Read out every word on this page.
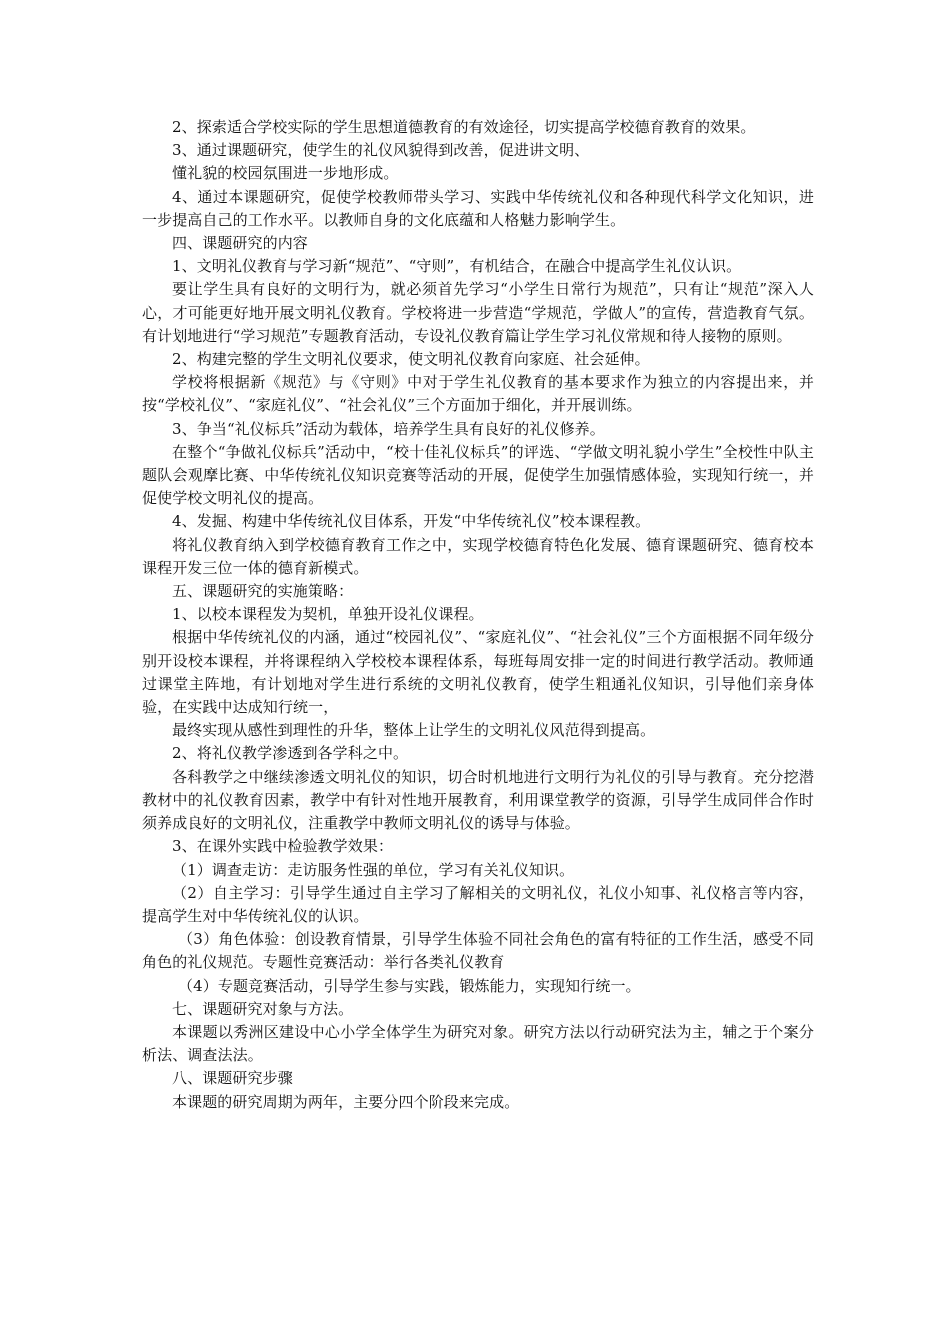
2、探索适合学校实际的学生思想道德教育的有效途径，切实提高学校德育教育的效果。

3、通过课题研究，使学生的礼仪风貌得到改善，促进讲文明、

懂礼貌的校园氛围进一步地形成。

4、通过本课题研究，促使学校教师带头学习、实践中华传统礼仪和各种现代科学文化知识，进一步提高自己的工作水平。以教师自身的文化底蕴和人格魅力影响学生。

四、课题研究的内容

1、文明礼仪教育与学习新“规范”、“守则”，有机结合，在融合中提高学生礼仪认识。

要让学生具有良好的文明行为，就必须首先学习“小学生日常行为规范”，只有让“规范”深入人心，才可能更好地开展文明礼仪教育。学校将进一步营造“学规范，学做人”的宣传，营造教育气氛。有计划地进行“学习规范”专题教育活动，专设礼仪教育篇让学生学习礼仪常规和待人接物的原则。

2、构建完整的学生文明礼仪要求，使文明礼仪教育向家庭、社会延伸。

学校将根据新《规范》与《守则》中对于学生礼仪教育的基本要求作为独立的内容提出来，并按“学校礼仪”、“家庭礼仪”、“社会礼仪”三个方面加于细化，并开展训练。

3、争当“礼仪标兵”活动为载体，培养学生具有良好的礼仪修养。

在整个“争做礼仪标兵”活动中，“校十佳礼仪标兵”的评选、“学做文明礼貌小学生”全校性中队主题队会观摩比赛、中华传统礼仪知识竞赛等活动的开展，促使学生加强情感体验，实现知行统一，并促使学校文明礼仪的提高。

4、发掘、构建中华传统礼仪目体系，开发“中华传统礼仪”校本课程教。

将礼仪教育纳入到学校德育教育工作之中，实现学校德育特色化发展、德育课题研究、德育校本课程开发三位一体的德育新模式。

五、课题研究的实施策略：

1、以校本课程发为契机，单独开设礼仪课程。

根据中华传统礼仪的内涵，通过“校园礼仪”、“家庭礼仪”、“社会礼仪”三个方面根据不同年级分别开设校本课程，并将课程纳入学校校本课程体系，每班每周安排一定的时间进行教学活动。教师通过课堂主阵地，有计划地对学生进行系统的文明礼仪教育，使学生粗通礼仪知识，引导他们亲身体验，在实践中达成知行统一，

最终实现从感性到理性的升华，整体上让学生的文明礼仪风范得到提高。

2、将礼仪教学渗透到各学科之中。

各科教学之中继续渗透文明礼仪的知识，切合时机地进行文明行为礼仪的引导与教育。充分挖潜教材中的礼仪教育因素，教学中有针对性地开展教育，利用课堂教学的资源，引导学生成同伴合作时须养成良好的文明礼仪，注重教学中教师文明礼仪的诱导与体验。

3、在课外实践中检验教学效果：

（1）调查走访：走访服务性强的单位，学习有关礼仪知识。

（2）自主学习：引导学生通过自主学习了解相关的文明礼仪，礼仪小知事、礼仪格言等内容，提高学生对中华传统礼仪的认识。

（3）角色体验：创设教育情景，引导学生体验不同社会角色的富有特征的工作生活，感受不同角色的礼仪规范。专题性竞赛活动：举行各类礼仪教育

（4）专题竞赛活动，引导学生参与实践，锻炼能力，实现知行统一。

七、课题研究对象与方法。

本课题以秀洲区建设中心小学全体学生为研究对象。研究方法以行动研究法为主，辅之于个案分析法、调查法法。

八、课题研究步骤

本课题的研究周期为两年，主要分四个阶段来完成。
